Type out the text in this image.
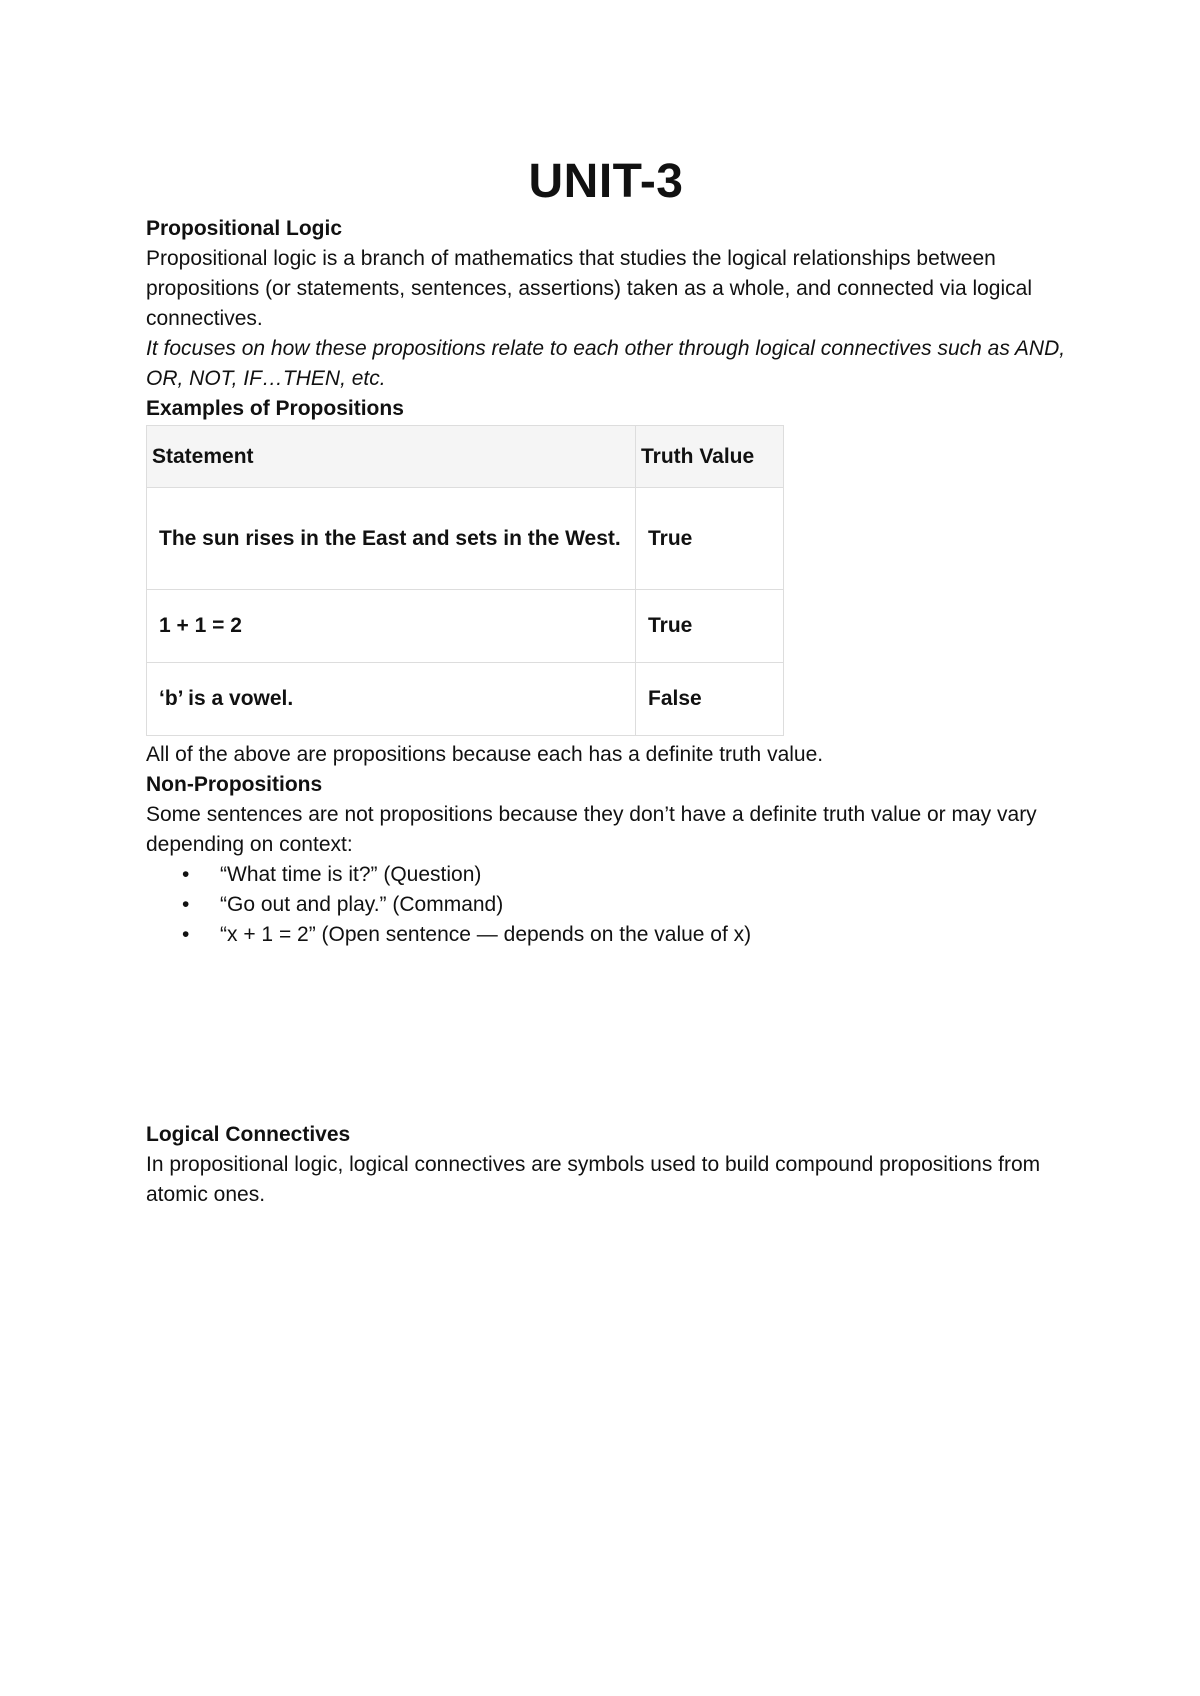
UNIT-3

Propositional Logic

Propositional logic is a branch of mathematics that studies the logical relationships between propositions (or statements, sentences, assertions) taken as a whole, and connected via logical connectives.

It focuses on how these propositions relate to each other through logical connectives such as AND, OR, NOT, IF…THEN, etc.

Examples of Propositions

Statement	Truth Value
The sun rises in the East and sets in the West.	True
1 + 1 = 2	True
‘b’ is a vowel.	False

All of the above are propositions because each has a definite truth value.

Non-Propositions

Some sentences are not propositions because they don’t have a definite truth value or may vary depending on context:

• “What time is it?” (Question)
• “Go out and play.” (Command)
• “x + 1 = 2” (Open sentence — depends on the value of x)

Logical Connectives

In propositional logic, logical connectives are symbols used to build compound propositions from atomic ones.
